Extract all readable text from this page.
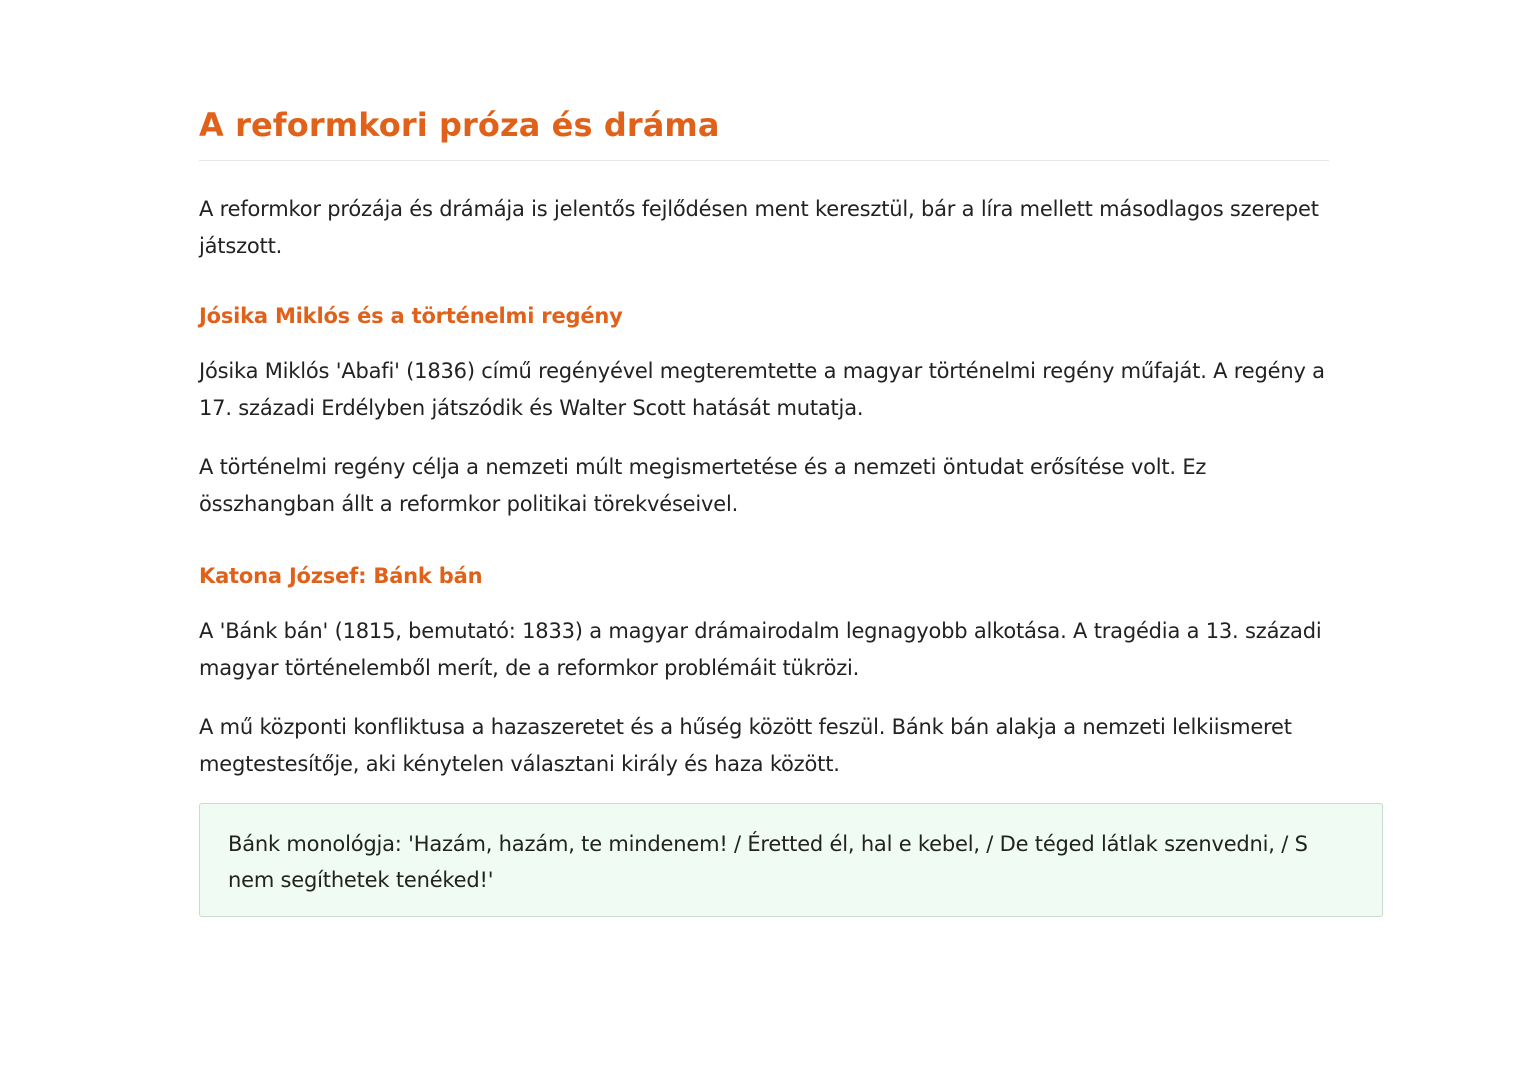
A reformkori próza és dráma

A reformkor prózája és drámája is jelentős fejlődésen ment keresztül, bár a líra mellett másodlagos szerepet játszott.

Jósika Miklós és a történelmi regény

Jósika Miklós 'Abafi' (1836) című regényével megteremtette a magyar történelmi regény műfaját. A regény a 17. századi Erdélyben játszódik és Walter Scott hatását mutatja.

A történelmi regény célja a nemzeti múlt megismertetése és a nemzeti öntudat erősítése volt. Ez összhangban állt a reformkor politikai törekvéseivel.

Katona József: Bánk bán

A 'Bánk bán' (1815, bemutató: 1833) a magyar drámairodalm legnagyobb alkotása. A tragédia a 13. századi magyar történelemből merít, de a reformkor problémáit tükrözi.

A mű központi konfliktusa a hazaszeretet és a hűség között feszül. Bánk bán alakja a nemzeti lelkiismeret megtestesítője, aki kénytelen választani király és haza között.

Bánk monológja: 'Hazám, hazám, te mindenem! / Éretted él, hal e kebel, / De téged látlak szenvedni, / S nem segíthetek tenéked!'
